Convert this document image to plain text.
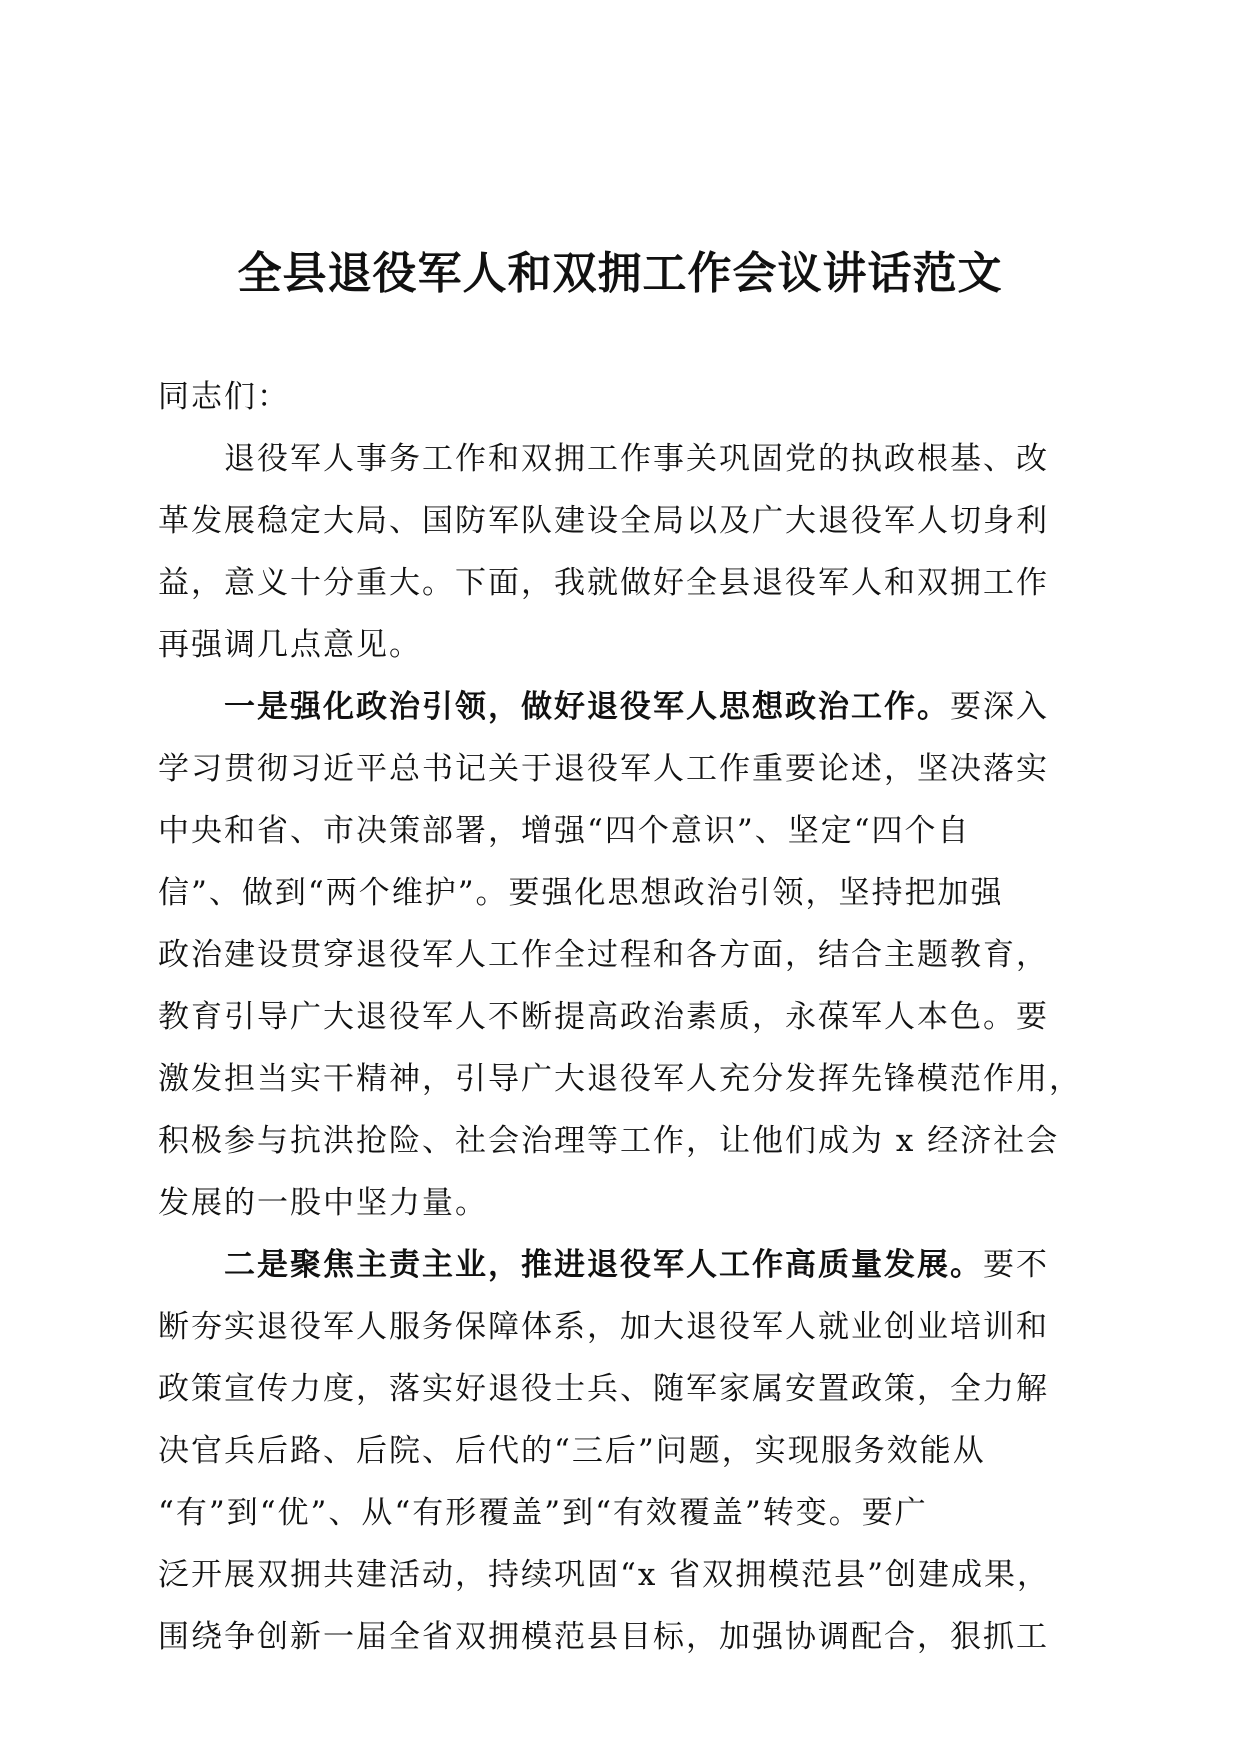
全县退役军人和双拥工作会议讲话范文
同志们：
退役军人事务工作和双拥工作事关巩固党的执政根基、改
革发展稳定大局、国防军队建设全局以及广大退役军人切身利
益，意义十分重大。下面，我就做好全县退役军人和双拥工作
再强调几点意见。
一是强化政治引领，做好退役军人思想政治工作。要深入
学习贯彻习近平总书记关于退役军人工作重要论述，坚决落实
中央和省、市决策部署，增强“四个意识”、坚定“四个自
信”、做到“两个维护”。要强化思想政治引领，坚持把加强
政治建设贯穿退役军人工作全过程和各方面，结合主题教育，
教育引导广大退役军人不断提高政治素质，永葆军人本色。要
激发担当实干精神，引导广大退役军人充分发挥先锋模范作用，
积极参与抗洪抢险、社会治理等工作，让他们成为 x 经济社会
发展的一股中坚力量。
二是聚焦主责主业，推进退役军人工作高质量发展。要不
断夯实退役军人服务保障体系，加大退役军人就业创业培训和
政策宣传力度，落实好退役士兵、随军家属安置政策，全力解
决官兵后路、后院、后代的“三后”问题，实现服务效能从
“有”到“优”、从“有形覆盖”到“有效覆盖”转变。要广
泛开展双拥共建活动，持续巩固“x 省双拥模范县”创建成果，
围绕争创新一届全省双拥模范县目标，加强协调配合，狠抓工
